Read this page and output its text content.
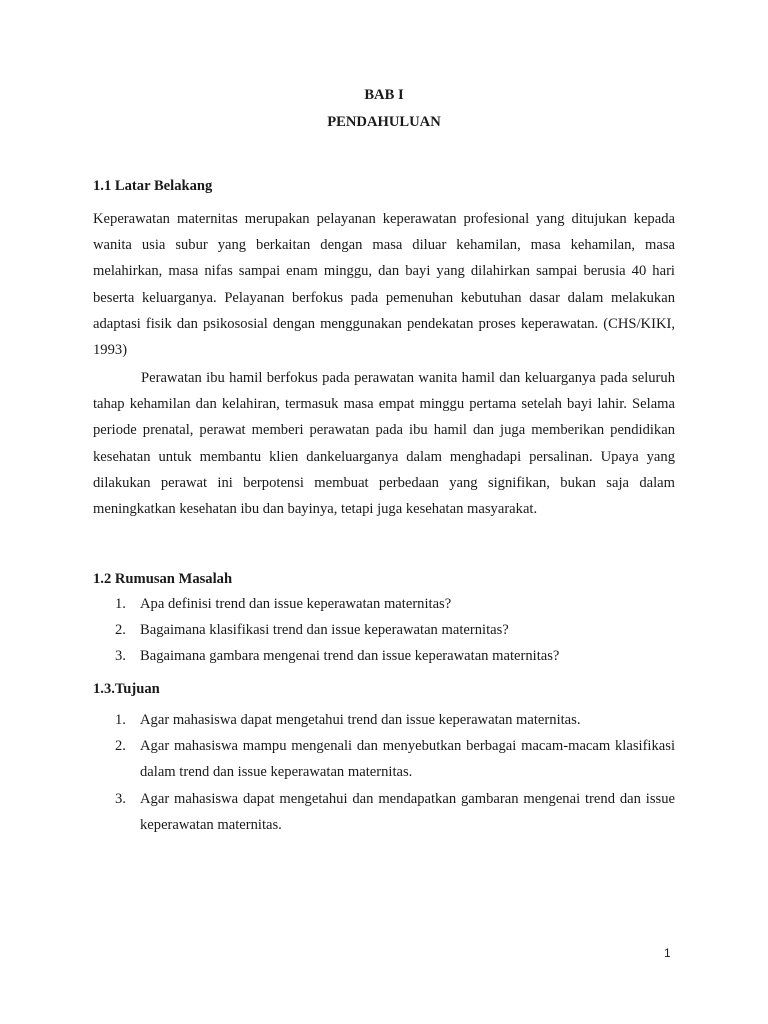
BAB I
PENDAHULUAN
1.1 Latar Belakang

Keperawatan maternitas merupakan pelayanan keperawatan profesional yang ditujukan kepada wanita usia subur yang berkaitan dengan masa diluar kehamilan, masa kehamilan, masa melahirkan, masa nifas sampai enam minggu, dan bayi yang dilahirkan sampai berusia 40 hari beserta keluarganya. Pelayanan berfokus pada pemenuhan kebutuhan dasar dalam melakukan adaptasi fisik dan psikososial dengan menggunakan pendekatan proses keperawatan. (CHS/KIKI, 1993)

Perawatan ibu hamil berfokus pada perawatan wanita hamil dan keluarganya pada seluruh tahap kehamilan dan kelahiran, termasuk masa empat minggu pertama setelah bayi lahir. Selama periode prenatal, perawat memberi perawatan pada ibu hamil dan juga memberikan pendidikan kesehatan untuk membantu klien dankeluarganya dalam menghadapi persalinan. Upaya yang dilakukan perawat ini berpotensi membuat perbedaan yang signifikan, bukan saja dalam meningkatkan kesehatan ibu dan bayinya, tetapi juga kesehatan masyarakat.

1.2 Rumusan Masalah
1. Apa definisi trend dan issue keperawatan maternitas?
2. Bagaimana klasifikasi trend dan issue keperawatan maternitas?
3. Bagaimana gambara mengenai trend dan issue keperawatan maternitas?
1.3.Tujuan
1. Agar mahasiswa dapat mengetahui trend dan issue keperawatan maternitas.
2. Agar mahasiswa mampu mengenali dan menyebutkan berbagai macam-macam klasifikasi dalam trend dan issue keperawatan maternitas.
3. Agar mahasiswa dapat mengetahui dan mendapatkan gambaran mengenai trend dan issue keperawatan maternitas.
1
